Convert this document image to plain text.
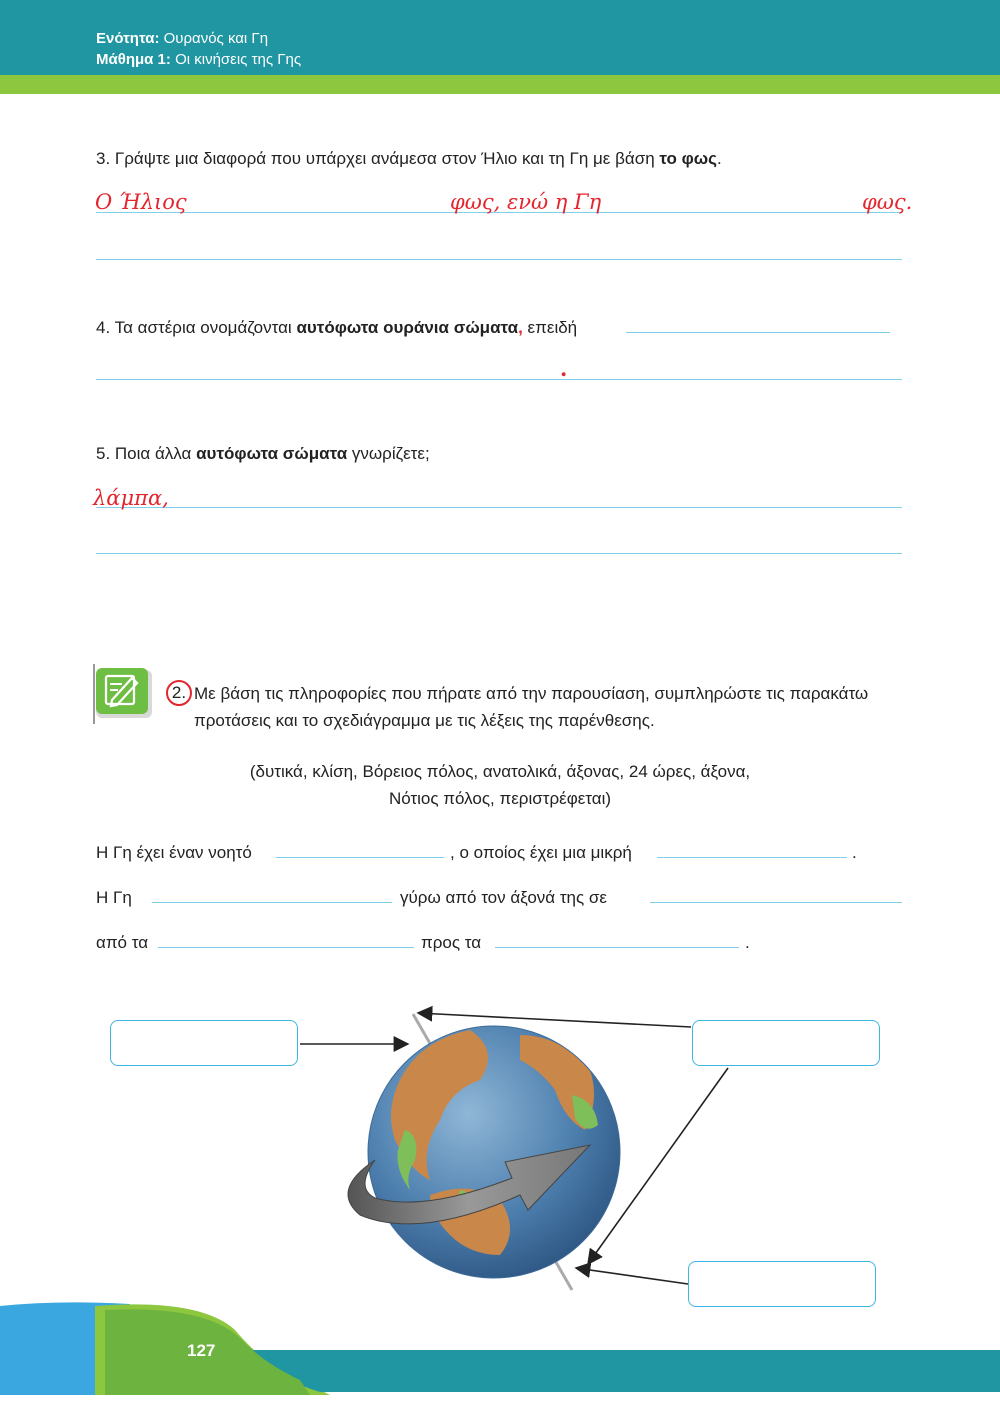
Ενότητα: Ουρανός και Γη
Μάθημα 1: Οι κινήσεις της Γης
3. Γράψτε μια διαφορά που υπάρχει ανάμεσα στον Ήλιο και τη Γη με βάση το φως.
Ο Ήλιος	φως, ενώ η Γη	φως.
4. Τα αστέρια ονομάζονται αυτόφωτα ουράνια σώματα, επειδή
.
5. Ποια άλλα αυτόφωτα σώματα γνωρίζετε;
λάμπα,
2. Με βάση τις πληροφορίες που πήρατε από την παρουσίαση, συμπληρώστε τις παρακάτω προτάσεις και το σχεδιάγραμμα με τις λέξεις της παρένθεσης.
(δυτικά, κλίση, Βόρειος πόλος, ανατολικά, άξονας, 24 ώρες, άξονα,
Νότιος πόλος, περιστρέφεται)
Η Γη έχει έναν νοητό	, ο οποίος έχει μια μικρή	.
Η Γη	γύρω από τον άξονά της σε
από τα	προς τα	.
127
